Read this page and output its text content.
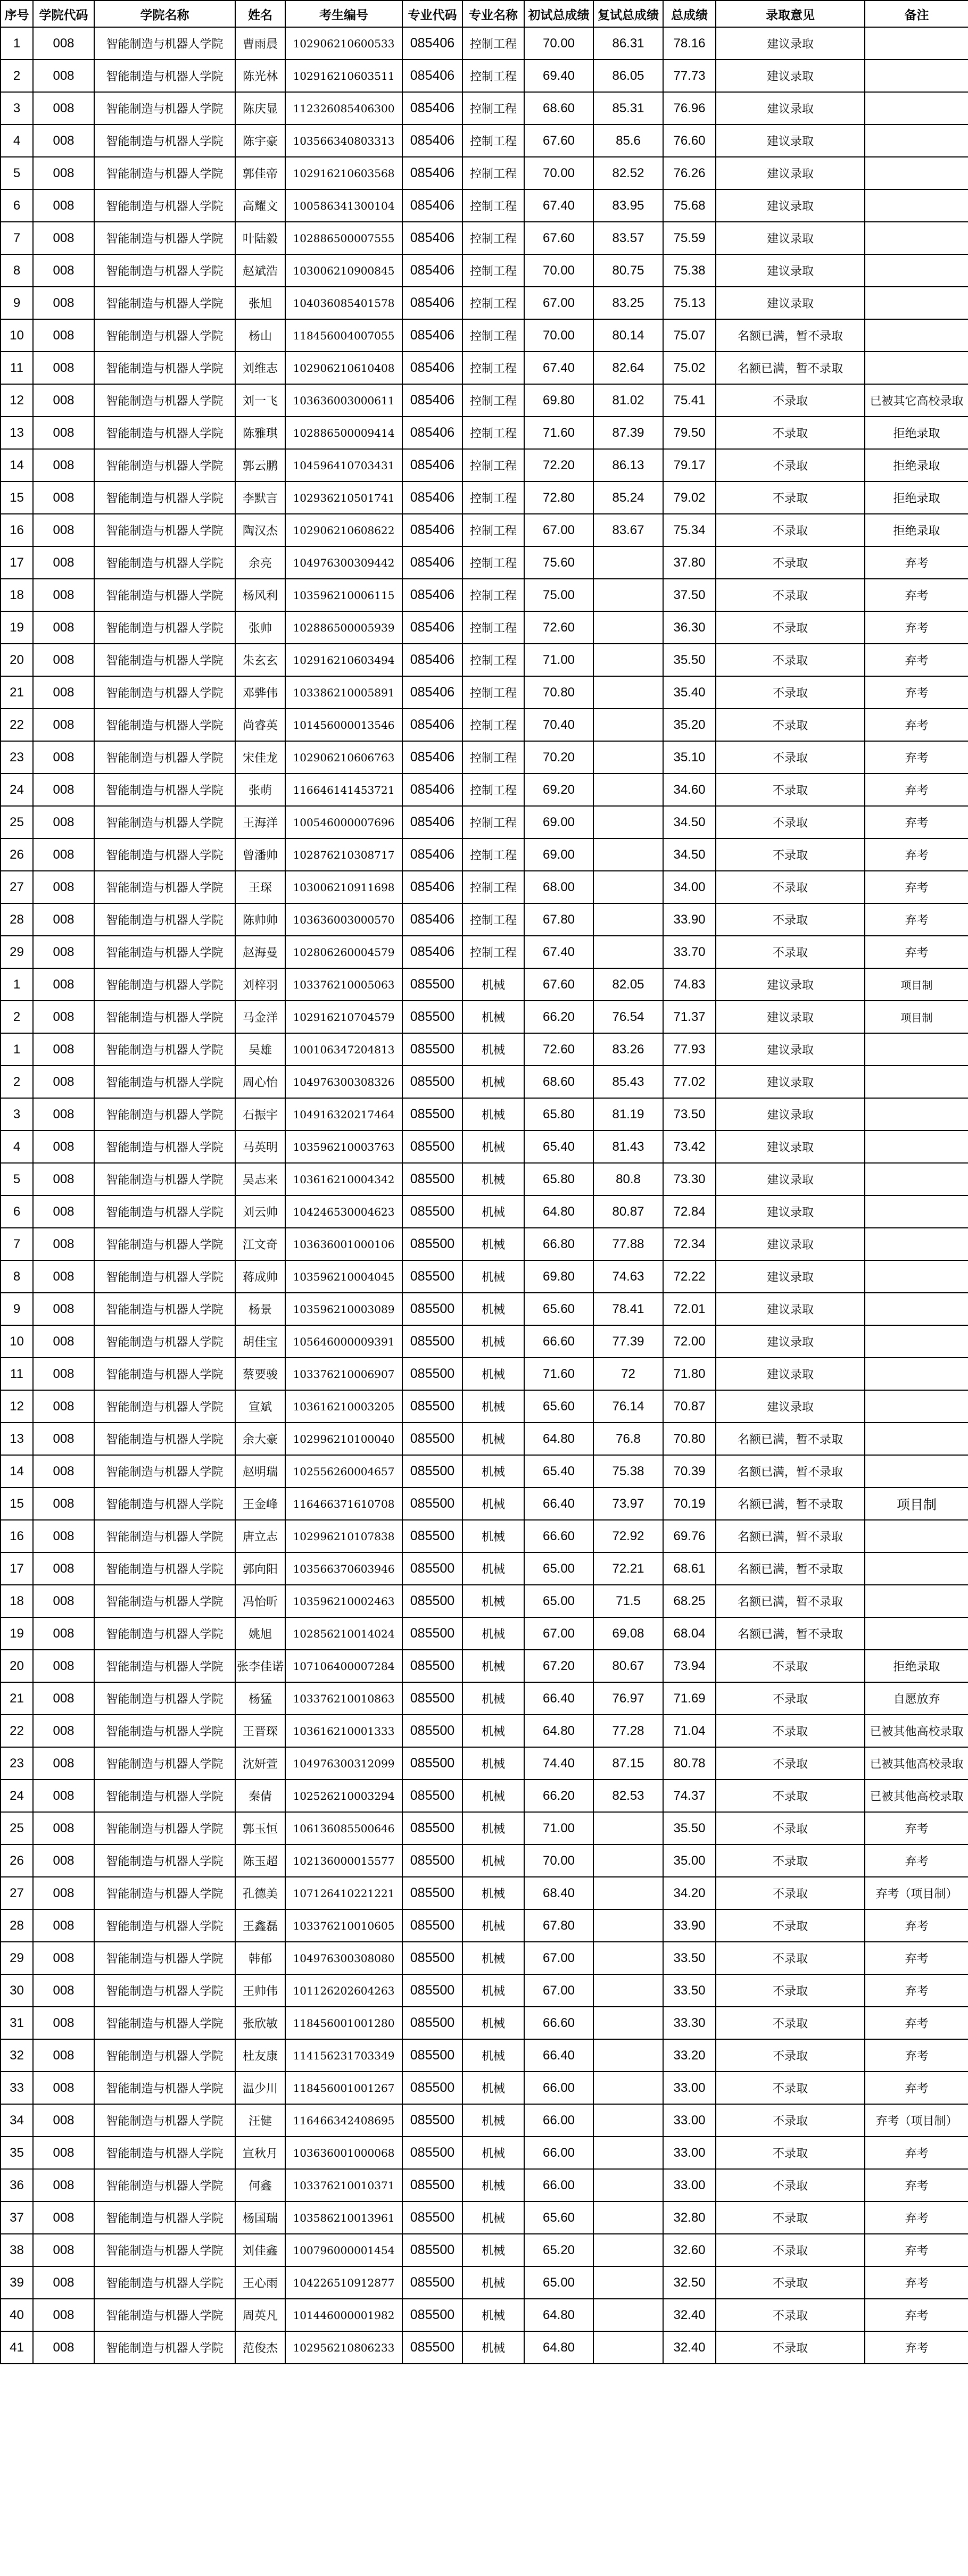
序号	学院代码	学院名称	姓名	考生编号	专业代码	专业名称	初试总成绩	复试总成绩	总成绩	录取意见	备注
1	008	智能制造与机器人学院	曹雨晨	102906210600533	085406	控制工程	70.00	86.31	78.16	建议录取	
2	008	智能制造与机器人学院	陈光林	102916210603511	085406	控制工程	69.40	86.05	77.73	建议录取	
3	008	智能制造与机器人学院	陈庆显	112326085406300	085406	控制工程	68.60	85.31	76.96	建议录取	
4	008	智能制造与机器人学院	陈宇豪	103566340803313	085406	控制工程	67.60	85.6	76.60	建议录取	
5	008	智能制造与机器人学院	郭佳帝	102916210603568	085406	控制工程	70.00	82.52	76.26	建议录取	
6	008	智能制造与机器人学院	高耀文	100586341300104	085406	控制工程	67.40	83.95	75.68	建议录取	
7	008	智能制造与机器人学院	叶陆毅	102886500007555	085406	控制工程	67.60	83.57	75.59	建议录取	
8	008	智能制造与机器人学院	赵斌浩	103006210900845	085406	控制工程	70.00	80.75	75.38	建议录取	
9	008	智能制造与机器人学院	张旭	104036085401578	085406	控制工程	67.00	83.25	75.13	建议录取	
10	008	智能制造与机器人学院	杨山	118456004007055	085406	控制工程	70.00	80.14	75.07	名额已满，暂不录取	
11	008	智能制造与机器人学院	刘维志	102906210610408	085406	控制工程	67.40	82.64	75.02	名额已满，暂不录取	
12	008	智能制造与机器人学院	刘一飞	103636003000611	085406	控制工程	69.80	81.02	75.41	不录取	已被其它高校录取
13	008	智能制造与机器人学院	陈雅琪	102886500009414	085406	控制工程	71.60	87.39	79.50	不录取	拒绝录取
14	008	智能制造与机器人学院	郭云鹏	104596410703431	085406	控制工程	72.20	86.13	79.17	不录取	拒绝录取
15	008	智能制造与机器人学院	李默言	102936210501741	085406	控制工程	72.80	85.24	79.02	不录取	拒绝录取
16	008	智能制造与机器人学院	陶汉杰	102906210608622	085406	控制工程	67.00	83.67	75.34	不录取	拒绝录取
17	008	智能制造与机器人学院	余亮	104976300309442	085406	控制工程	75.60		37.80	不录取	弃考
18	008	智能制造与机器人学院	杨风利	103596210006115	085406	控制工程	75.00		37.50	不录取	弃考
19	008	智能制造与机器人学院	张帅	102886500005939	085406	控制工程	72.60		36.30	不录取	弃考
20	008	智能制造与机器人学院	朱玄玄	102916210603494	085406	控制工程	71.00		35.50	不录取	弃考
21	008	智能制造与机器人学院	邓骅伟	103386210005891	085406	控制工程	70.80		35.40	不录取	弃考
22	008	智能制造与机器人学院	尚睿英	101456000013546	085406	控制工程	70.40		35.20	不录取	弃考
23	008	智能制造与机器人学院	宋佳龙	102906210606763	085406	控制工程	70.20		35.10	不录取	弃考
24	008	智能制造与机器人学院	张萌	116646141453721	085406	控制工程	69.20		34.60	不录取	弃考
25	008	智能制造与机器人学院	王海洋	100546000007696	085406	控制工程	69.00		34.50	不录取	弃考
26	008	智能制造与机器人学院	曾潘帅	102876210308717	085406	控制工程	69.00		34.50	不录取	弃考
27	008	智能制造与机器人学院	王琛	103006210911698	085406	控制工程	68.00		34.00	不录取	弃考
28	008	智能制造与机器人学院	陈帅帅	103636003000570	085406	控制工程	67.80		33.90	不录取	弃考
29	008	智能制造与机器人学院	赵海曼	102806260004579	085406	控制工程	67.40		33.70	不录取	弃考
1	008	智能制造与机器人学院	刘梓羽	103376210005063	085500	机械	67.60	82.05	74.83	建议录取	项目制
2	008	智能制造与机器人学院	马金洋	102916210704579	085500	机械	66.20	76.54	71.37	建议录取	项目制
1	008	智能制造与机器人学院	吴雄	100106347204813	085500	机械	72.60	83.26	77.93	建议录取	
2	008	智能制造与机器人学院	周心怡	104976300308326	085500	机械	68.60	85.43	77.02	建议录取	
3	008	智能制造与机器人学院	石振宇	104916320217464	085500	机械	65.80	81.19	73.50	建议录取	
4	008	智能制造与机器人学院	马英明	103596210003763	085500	机械	65.40	81.43	73.42	建议录取	
5	008	智能制造与机器人学院	吴志来	103616210004342	085500	机械	65.80	80.8	73.30	建议录取	
6	008	智能制造与机器人学院	刘云帅	104246530004623	085500	机械	64.80	80.87	72.84	建议录取	
7	008	智能制造与机器人学院	江文奇	103636001000106	085500	机械	66.80	77.88	72.34	建议录取	
8	008	智能制造与机器人学院	蒋成帅	103596210004045	085500	机械	69.80	74.63	72.22	建议录取	
9	008	智能制造与机器人学院	杨景	103596210003089	085500	机械	65.60	78.41	72.01	建议录取	
10	008	智能制造与机器人学院	胡佳宝	105646000009391	085500	机械	66.60	77.39	72.00	建议录取	
11	008	智能制造与机器人学院	蔡要骏	103376210006907	085500	机械	71.60	72	71.80	建议录取	
12	008	智能制造与机器人学院	宣斌	103616210003205	085500	机械	65.60	76.14	70.87	建议录取	
13	008	智能制造与机器人学院	余大豪	102996210100040	085500	机械	64.80	76.8	70.80	名额已满，暂不录取	
14	008	智能制造与机器人学院	赵明瑞	102556260004657	085500	机械	65.40	75.38	70.39	名额已满，暂不录取	
15	008	智能制造与机器人学院	王金峰	116466371610708	085500	机械	66.40	73.97	70.19	名额已满，暂不录取	项目制
16	008	智能制造与机器人学院	唐立志	102996210107838	085500	机械	66.60	72.92	69.76	名额已满，暂不录取	
17	008	智能制造与机器人学院	郭向阳	103566370603946	085500	机械	65.00	72.21	68.61	名额已满，暂不录取	
18	008	智能制造与机器人学院	冯怡昕	103596210002463	085500	机械	65.00	71.5	68.25	名额已满，暂不录取	
19	008	智能制造与机器人学院	姚旭	102856210014024	085500	机械	67.00	69.08	68.04	名额已满，暂不录取	
20	008	智能制造与机器人学院	张李佳诺	107106400007284	085500	机械	67.20	80.67	73.94	不录取	拒绝录取
21	008	智能制造与机器人学院	杨猛	103376210010863	085500	机械	66.40	76.97	71.69	不录取	自愿放弃
22	008	智能制造与机器人学院	王晋琛	103616210001333	085500	机械	64.80	77.28	71.04	不录取	已被其他高校录取
23	008	智能制造与机器人学院	沈妍萱	104976300312099	085500	机械	74.40	87.15	80.78	不录取	已被其他高校录取
24	008	智能制造与机器人学院	秦倩	102526210003294	085500	机械	66.20	82.53	74.37	不录取	已被其他高校录取
25	008	智能制造与机器人学院	郭玉恒	106136085500646	085500	机械	71.00		35.50	不录取	弃考
26	008	智能制造与机器人学院	陈玉超	102136000015577	085500	机械	70.00		35.00	不录取	弃考
27	008	智能制造与机器人学院	孔德美	107126410221221	085500	机械	68.40		34.20	不录取	弃考（项目制）
28	008	智能制造与机器人学院	王鑫磊	103376210010605	085500	机械	67.80		33.90	不录取	弃考
29	008	智能制造与机器人学院	韩郁	104976300308080	085500	机械	67.00		33.50	不录取	弃考
30	008	智能制造与机器人学院	王帅伟	101126202604263	085500	机械	67.00		33.50	不录取	弃考
31	008	智能制造与机器人学院	张欣敏	118456001001280	085500	机械	66.60		33.30	不录取	弃考
32	008	智能制造与机器人学院	杜友康	114156231703349	085500	机械	66.40		33.20	不录取	弃考
33	008	智能制造与机器人学院	温少川	118456001001267	085500	机械	66.00		33.00	不录取	弃考
34	008	智能制造与机器人学院	汪健	116466342408695	085500	机械	66.00		33.00	不录取	弃考（项目制）
35	008	智能制造与机器人学院	宣秋月	103636001000068	085500	机械	66.00		33.00	不录取	弃考
36	008	智能制造与机器人学院	何鑫	103376210010371	085500	机械	66.00		33.00	不录取	弃考
37	008	智能制造与机器人学院	杨国瑞	103586210013961	085500	机械	65.60		32.80	不录取	弃考
38	008	智能制造与机器人学院	刘佳鑫	100796000001454	085500	机械	65.20		32.60	不录取	弃考
39	008	智能制造与机器人学院	王心雨	104226510912877	085500	机械	65.00		32.50	不录取	弃考
40	008	智能制造与机器人学院	周英凡	101446000001982	085500	机械	64.80		32.40	不录取	弃考
41	008	智能制造与机器人学院	范俊杰	102956210806233	085500	机械	64.80		32.40	不录取	弃考
